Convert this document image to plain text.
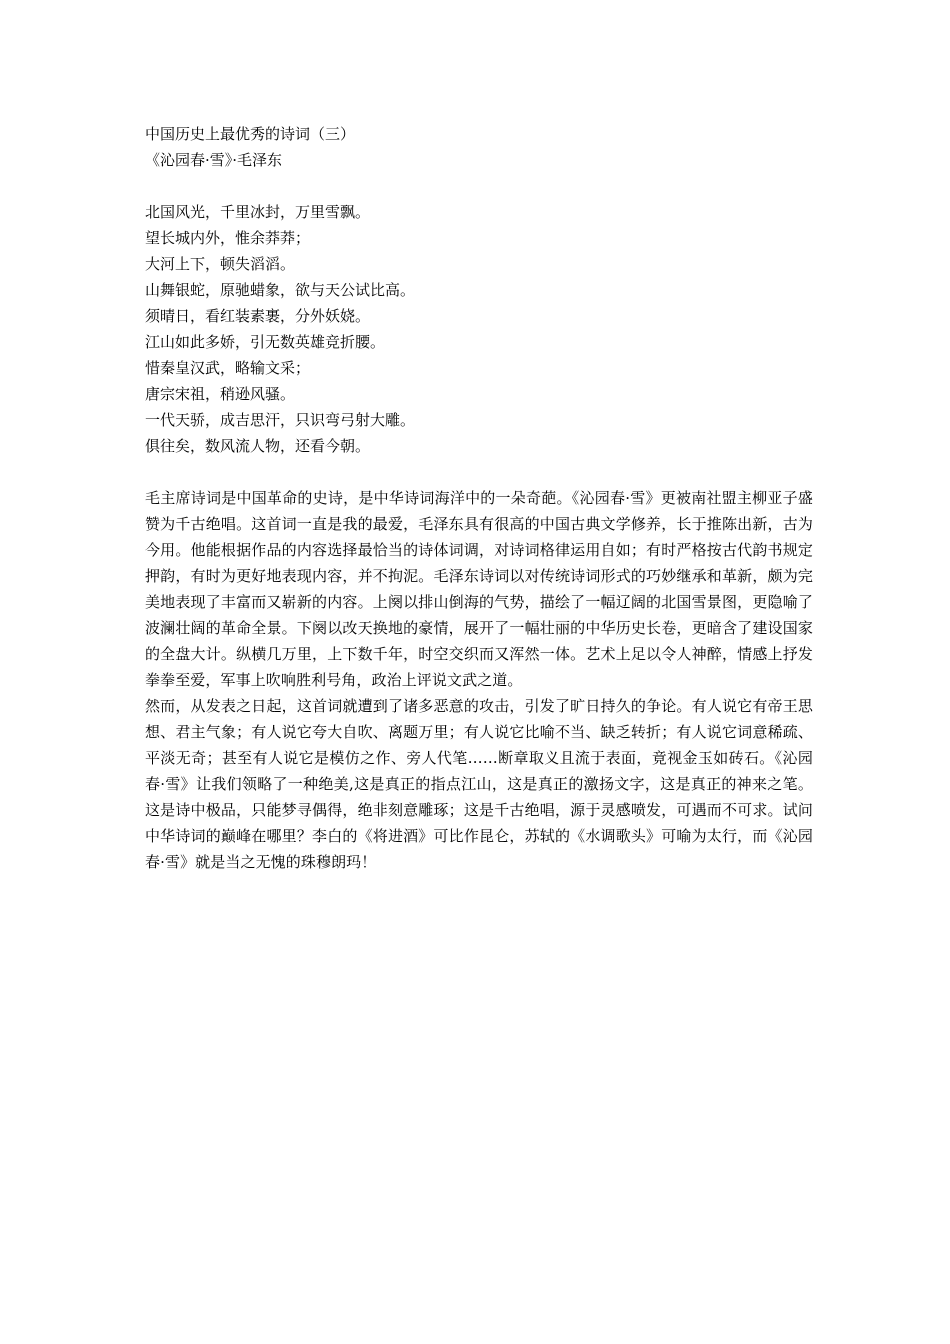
中国历史上最优秀的诗词（三）
《沁园春·雪》·毛泽东
北国风光，千里冰封，万里雪飘。
望长城内外，惟余莽莽；
大河上下，顿失滔滔。
山舞银蛇，原驰蜡象，欲与天公试比高。
须晴日，看红装素裹，分外妖娆。
江山如此多娇，引无数英雄竞折腰。
惜秦皇汉武，略输文采；
唐宗宋祖，稍逊风骚。
一代天骄，成吉思汗，只识弯弓射大雕。
俱往矣，数风流人物，还看今朝。

毛主席诗词是中国革命的史诗，是中华诗词海洋中的一朵奇葩。《沁园春·雪》更被南社盟主柳亚子盛赞为千古绝唱。这首词一直是我的最爱，毛泽东具有很高的中国古典文学修养，长于推陈出新，古为今用。他能根据作品的内容选择最恰当的诗体词调，对诗词格律运用自如；有时严格按古代韵书规定押韵，有时为更好地表现内容，并不拘泥。毛泽东诗词以对传统诗词形式的巧妙继承和革新，颇为完美地表现了丰富而又崭新的内容。上阕以排山倒海的气势，描绘了一幅辽阔的北国雪景图，更隐喻了波澜壮阔的革命全景。下阕以改天换地的豪情，展开了一幅壮丽的中华历史长卷，更暗含了建设国家的全盘大计。纵横几万里，上下数千年，时空交织而又浑然一体。艺术上足以令人神醉，情感上抒发拳拳至爱，军事上吹响胜利号角，政治上评说文武之道。

然而，从发表之日起，这首词就遭到了诸多恶意的攻击，引发了旷日持久的争论。有人说它有帝王思想、君主气象；有人说它夸大自吹、离题万里；有人说它比喻不当、缺乏转折；有人说它词意稀疏、平淡无奇；甚至有人说它是模仿之作、旁人代笔……断章取义且流于表面，竟视金玉如砖石。《沁园春·雪》让我们领略了一种绝美,这是真正的指点江山，这是真正的激扬文字，这是真正的神来之笔。这是诗中极品，只能梦寻偶得，绝非刻意雕琢；这是千古绝唱，源于灵感喷发，可遇而不可求。试问中华诗词的巅峰在哪里？李白的《将进酒》可比作昆仑，苏轼的《水调歌头》可喻为太行，而《沁园春·雪》就是当之无愧的珠穆朗玛！
